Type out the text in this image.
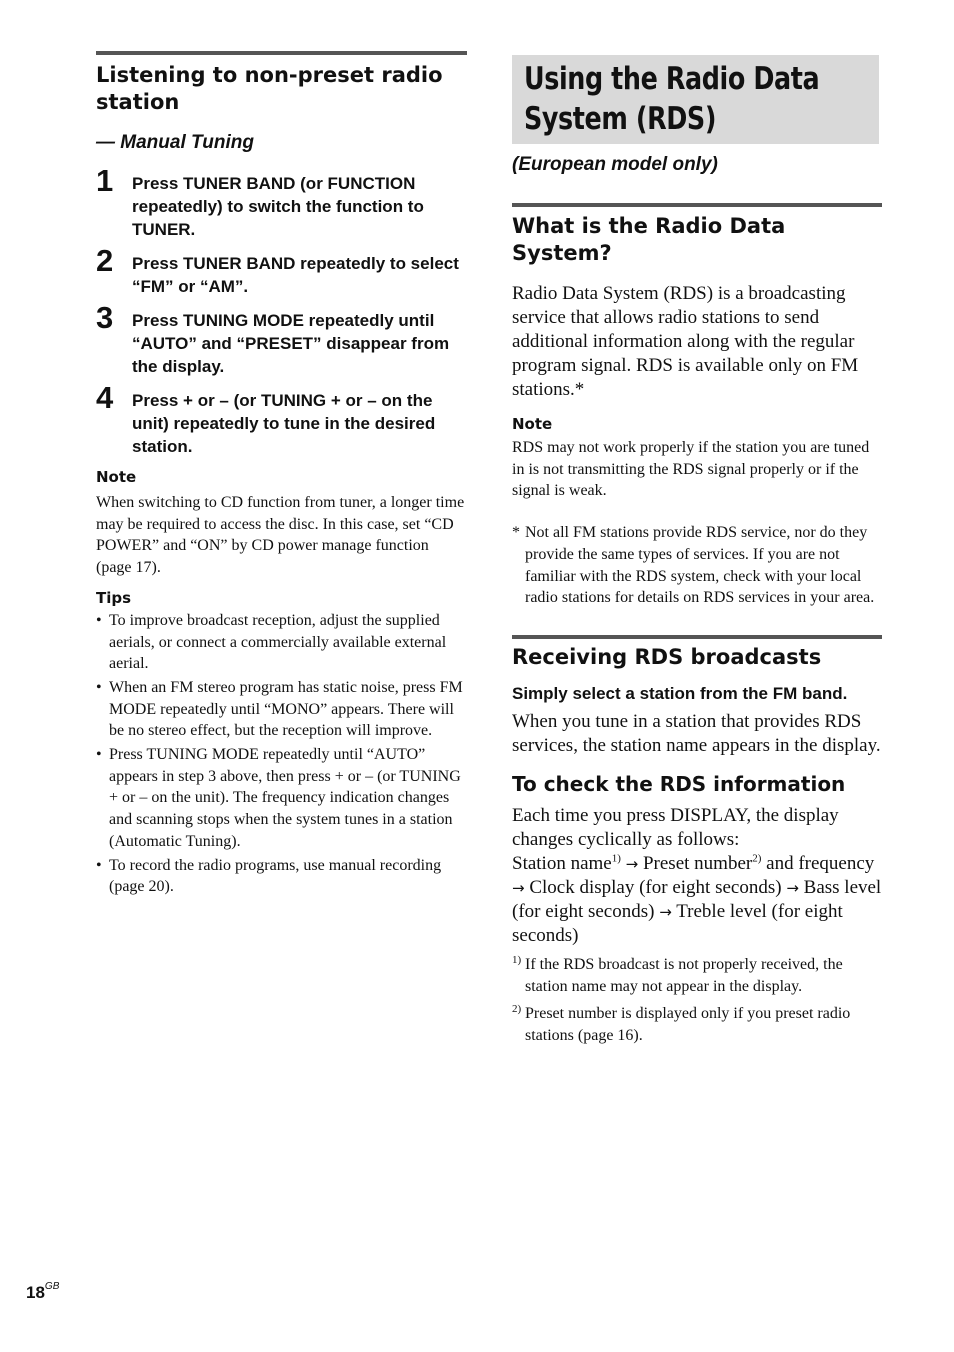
Listening to non-preset radio station
— Manual Tuning
1 Press TUNER BAND (or FUNCTION repeatedly) to switch the function to TUNER.
2 Press TUNER BAND repeatedly to select “FM” or “AM”.
3 Press TUNING MODE repeatedly until “AUTO” and “PRESET” disappear from the display.
4 Press + or – (or TUNING + or – on the unit) repeatedly to tune in the desired station.
Note
When switching to CD function from tuner, a longer time may be required to access the disc. In this case, set “CD POWER” and “ON” by CD power manage function (page 17).
Tips
• To improve broadcast reception, adjust the supplied aerials, or connect a commercially available external aerial.
• When an FM stereo program has static noise, press FM MODE repeatedly until “MONO” appears. There will be no stereo effect, but the reception will improve.
• Press TUNING MODE repeatedly until “AUTO” appears in step 3 above, then press + or – (or TUNING + or – on the unit). The frequency indication changes and scanning stops when the system tunes in a station (Automatic Tuning).
• To record the radio programs, use manual recording (page 20).
Using the Radio Data
System (RDS)
(European model only)
What is the Radio Data System?
Radio Data System (RDS) is a broadcasting service that allows radio stations to send additional information along with the regular program signal. RDS is available only on FM stations.*
Note
RDS may not work properly if the station you are tuned in is not transmitting the RDS signal properly or if the signal is weak.
* Not all FM stations provide RDS service, nor do they provide the same types of services. If you are not familiar with the RDS system, check with your local radio stations for details on RDS services in your area.
Receiving RDS broadcasts
Simply select a station from the FM band.
When you tune in a station that provides RDS services, the station name appears in the display.
To check the RDS information
Each time you press DISPLAY, the display changes cyclically as follows:
Station name$^{1)}$ → Preset number$^{2)}$ and frequency → Clock display (for eight seconds) → Bass level (for eight seconds) → Treble level (for eight seconds)
1) If the RDS broadcast is not properly received, the station name may not appear in the display.
2) Preset number is displayed only if you preset radio stations (page 16).
$18^{GB}$
